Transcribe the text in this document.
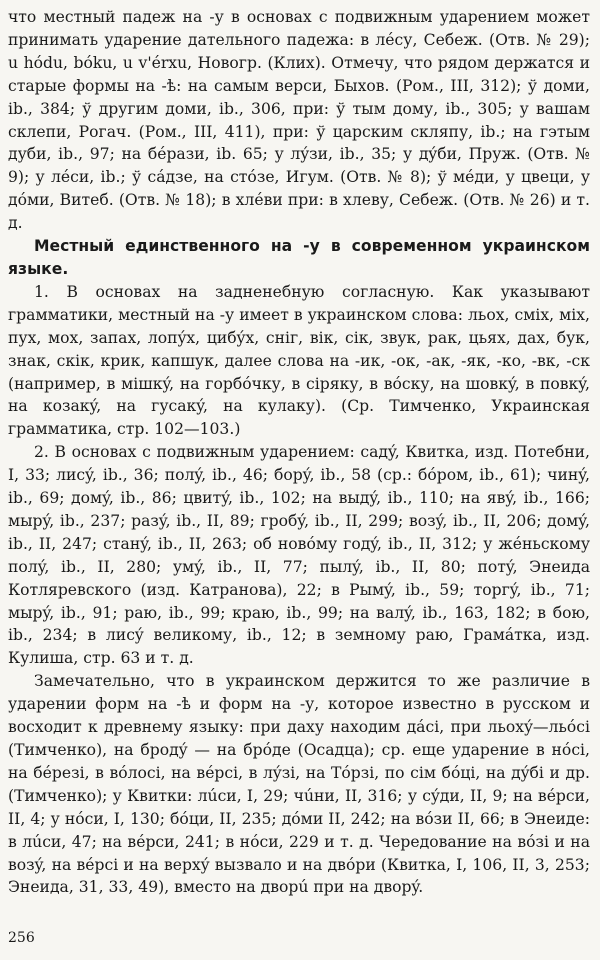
что местный падеж на -у в основах с подвижным ударением может принимать ударение дательного падежа: в лéсу, Себеж. (Отв. № 29); u hódu, bóku, u v'érxu, Новогр. (Клих). Отмечу, что рядом держатся и старые формы на -ѣ: на самым верси, Быхов. (Ром., III, 312); ў доми, ib., 384; ў другим доми, ib., 306, при: ў тым дому, ib., 305; у вашам склепи, Рогач. (Ром., III, 411), при: ў царским скляпу, ib.; на гэтым дуби, ib., 97; на бéрази, ib. 65; у лýзи, ib., 35; у дýби, Пруж. (Отв. № 9); у лéси, ib.; ў сáдзе, на стóзе, Игум. (Отв. № 8); ў мéди, у цвеци, у дóми, Витеб. (Отв. № 18); в хлéви при: в хлеву, Себеж. (Отв. № 26) и т. д.

Местный единственного на -у в современном украинском языке.

1. В основах на задненебную согласную. Как указывают грамматики, местный на -у имеет в украинском слова: льох, сміх, міх, пух, мох, запах, лопýх, цибýх, сніг, вік, сік, звук, рак, цьях, дах, бук, знак, скік, крик, капшук, далее слова на -ик, -ок, -ак, -як, -ко, -вк, -ск (например, в мішкý, на горбóчку, в сіряку, в вóску, на шовкý, в повкý, на козакý, на гусакý, на кулаку). (Ср. Тимченко, Украинская грамматика, стр. 102—103.)

2. В основах с подвижным ударением: садý, Квитка, изд. Потебни, I, 33; лисý, ib., 36; полý, ib., 46; борý, ib., 58 (ср.: бóром, ib., 61); чинý, ib., 69; домý, ib., 86; цвитý, ib., 102; на выдý, ib., 110; на явý, ib., 166; мырý, ib., 237; разý, ib., II, 89; гробý, ib., II, 299; возý, ib., II, 206; домý, ib., II, 247; станý, ib., II, 263; об новóму годý, ib., II, 312; у жéньскому полý, ib., II, 280; умý, ib., II, 77; пылý, ib., II, 80; потý, Энеида Котляревского (изд. Катранова), 22; в Рымý, ib., 59; торгý, ib., 71; мырý, ib., 91; раю, ib., 99; краю, ib., 99; на валý, ib., 163, 182; в бою, ib., 234; в лисý великому, ib., 12; в земному раю, Грамáтка, изд. Кулиша, стр. 63 и т. д.

Замечательно, что в украинском держится то же различие в ударении форм на -ѣ и форм на -у, которое известно в русском и восходит к древнему языку: при даху находим дáсі, при льохý—льóсі (Тимченко), на бродý — на брóде (Осадца); ср. еще ударение в нóсі, на бéрезі, в вóлосі, на вéрсі, в лýзі, на Тóрзі, по сім бóці, на дýбі и др. (Тимченко); у Квитки: лúси, I, 29; чúни, II, 316; у сýди, II, 9; на вéрси, II, 4; у нóси, I, 130; бóци, II, 235; дóми II, 242; на вóзи II, 66; в Энеиде: в лúси, 47; на вéрси, 241; в нóси, 229 и т. д. Чередование на вóзі и на возý, на вéрсі и на верхý вызвало и на двóри (Квитка, I, 106, II, 3, 253; Энеида, 31, 33, 49), вместо на дворú при на дворý.

256
